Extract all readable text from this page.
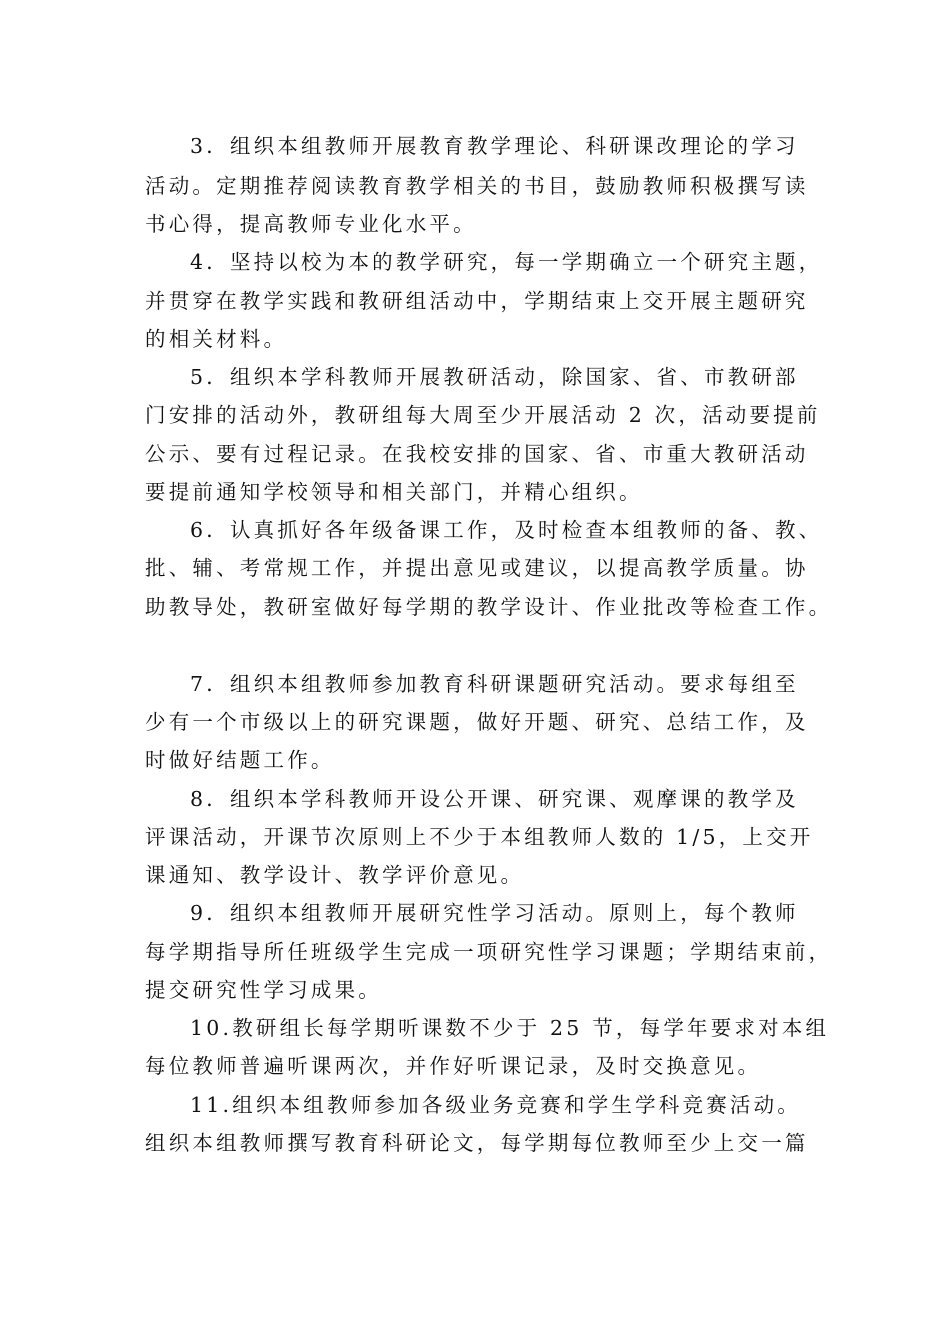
3．组织本组教师开展教育教学理论、科研课改理论的学习
活动。定期推荐阅读教育教学相关的书目，鼓励教师积极撰写读
书心得，提高教师专业化水平。
4．坚持以校为本的教学研究，每一学期确立一个研究主题，
并贯穿在教学实践和教研组活动中，学期结束上交开展主题研究
的相关材料。
5．组织本学科教师开展教研活动，除国家、省、市教研部
门安排的活动外，教研组每大周至少开展活动 2 次，活动要提前
公示、要有过程记录。在我校安排的国家、省、市重大教研活动
要提前通知学校领导和相关部门，并精心组织。
6．认真抓好各年级备课工作，及时检查本组教师的备、教、
批、辅、考常规工作，并提出意见或建议，以提高教学质量。协
助教导处，教研室做好每学期的教学设计、作业批改等检查工作。
7．组织本组教师参加教育科研课题研究活动。要求每组至
少有一个市级以上的研究课题，做好开题、研究、总结工作，及
时做好结题工作。
8．组织本学科教师开设公开课、研究课、观摩课的教学及
评课活动，开课节次原则上不少于本组教师人数的 1/5，上交开
课通知、教学设计、教学评价意见。
9．组织本组教师开展研究性学习活动。原则上，每个教师
每学期指导所任班级学生完成一项研究性学习课题；学期结束前，
提交研究性学习成果。
10.教研组长每学期听课数不少于 25 节，每学年要求对本组
每位教师普遍听课两次，并作好听课记录，及时交换意见。
11.组织本组教师参加各级业务竞赛和学生学科竞赛活动。
组织本组教师撰写教育科研论文，每学期每位教师至少上交一篇
